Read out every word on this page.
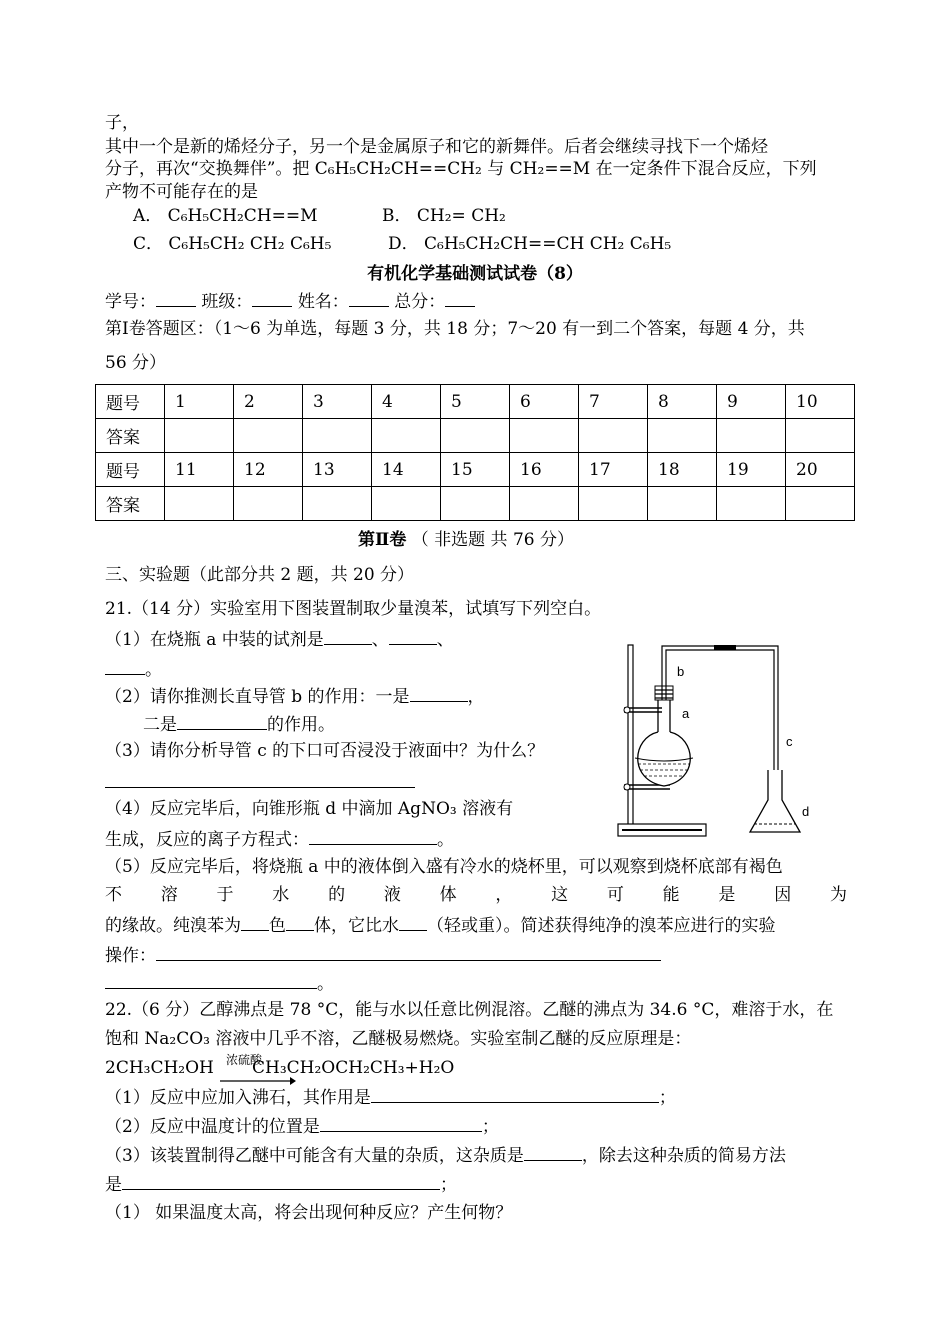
子，
其中一个是新的烯烃分子，另一个是金属原子和它的新舞伴。后者会继续寻找下一个烯烃
分子，再次“交换舞伴”。把 C₆H₅CH₂CH==CH₂ 与 CH₂==M 在一定条件下混合反应，下列
产物不可能存在的是
A． C₆H₅CH₂CH==M	B． CH₂= CH₂
C． C₆H₅CH₂ CH₂ C₆H₅	D． C₆H₅CH₂CH==CH CH₂ C₆H₅
有机化学基础测试试卷（8）
学号：	班级：	姓名：	总分：
第Ⅰ卷答题区：（1～6 为单选，每题 3 分，共 18 分；7～20 有一到二个答案，每题 4 分，共
56 分）
题号	1	2	3	4	5	6	7	8	9	10
答案										
题号	11	12	13	14	15	16	17	18	19	20
答案										
第Ⅱ卷 （ 非选题 共 76 分）
三、实验题（此部分共 2 题，共 20 分）
21.（14 分）实验室用下图装置制取少量溴苯，试填写下列空白。
（1）在烧瓶 a 中装的试剂是	、	、
。
（2）请你推测长直导管 b 的作用：一是	，
二是	的作用。
（3）请你分析导管 c 的下口可否浸没于液面中？为什么？
（4）反应完毕后，向锥形瓶 d 中滴加 AgNO₃ 溶液有
生成，反应的离子方程式：	。
（5）反应完毕后，将烧瓶 a 中的液体倒入盛有冷水的烧杯里，可以观察到烧杯底部有褐色
不 溶 于 水 的 液 体 ， 这 可 能 是 因 为
的缘故。纯溴苯为 色 体，它比水 （轻或重）。简述获得纯净的溴苯应进行的实验
操作：
。
b
a
c
d
22.（6 分）乙醇沸点是 78 °C，能与水以任意比例混溶。乙醚的沸点为 34.6 °C，难溶于水，在
饱和 Na₂CO₃ 溶液中几乎不溶，乙醚极易燃烧。实验室制乙醚的反应原理是：
2CH₃CH₂OH 浓硫酸
CH₃CH₂OCH₂CH₃+H₂O
（1）反应中应加入沸石，其作用是	；
（2）反应中温度计的位置是	；
（3）该装置制得乙醚中可能含有大量的杂质，这杂质是	，除去这种杂质的简易方法
是	；
（1） 如果温度太高，将会出现何种反应？产生何物？
